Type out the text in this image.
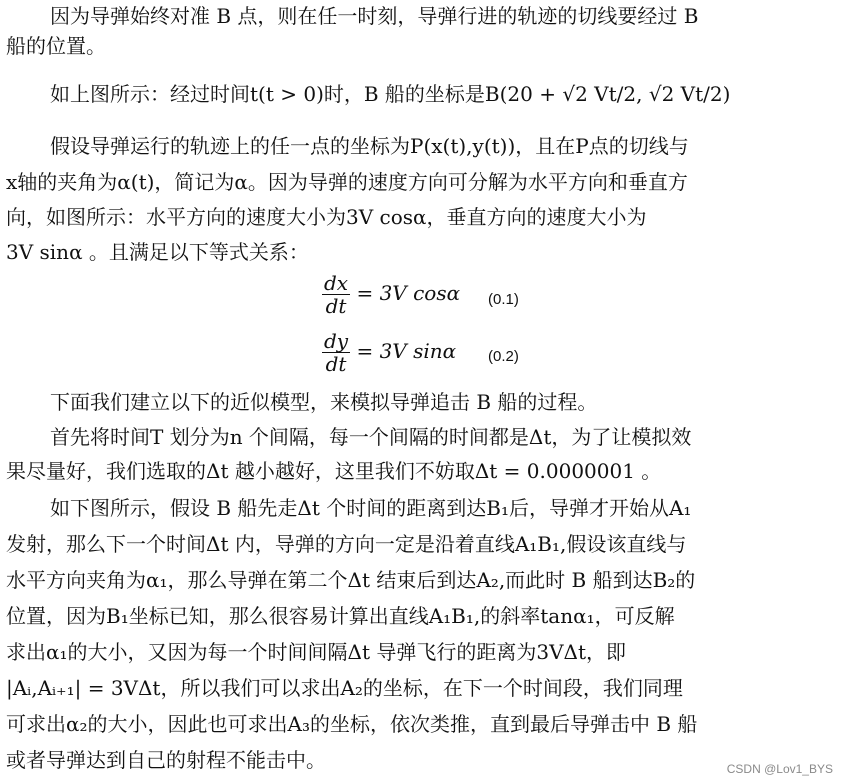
因为导弹始终对准 B 点，则在任一时刻，导弹行进的轨迹的切线要经过 B
船的位置。
如上图所示：经过时间t(t > 0)时，B 船的坐标是B(20 + √2 Vt/2, √2 Vt/2)
假设导弹运行的轨迹上的任一点的坐标为P(x(t),y(t))，且在P点的切线与
x轴的夹角为α(t)，简记为α。因为导弹的速度方向可分解为水平方向和垂直方
向，如图所示：水平方向的速度大小为3V cosα，垂直方向的速度大小为
3V sinα 。且满足以下等式关系：
$\frac{dx}{dt} = 3V$ cosα (0.1)
$\frac{dy}{dt} = 3V$ sinα (0.2)
下面我们建立以下的近似模型，来模拟导弹追击 B 船的过程。
首先将时间T 划分为n 个间隔，每一个间隔的时间都是Δt，为了让模拟效
果尽量好，我们选取的Δt 越小越好，这里我们不妨取Δt = 0.0000001 。
如下图所示，假设 B 船先走Δt 个时间的距离到达B₁后，导弹才开始从A₁
发射，那么下一个时间Δt 内，导弹的方向一定是沿着直线A₁B₁,假设该直线与
水平方向夹角为α₁，那么导弹在第二个Δt 结束后到达A₂,而此时 B 船到达B₂的
位置，因为B₁坐标已知，那么很容易计算出直线A₁B₁,的斜率tanα₁，可反解
求出α₁的大小，又因为每一个时间间隔Δt 导弹飞行的距离为3VΔt，即
|Aᵢ,Aᵢ₊₁| = 3VΔt，所以我们可以求出A₂的坐标，在下一个时间段，我们同理
可求出α₂的大小，因此也可求出A₃的坐标，依次类推，直到最后导弹击中 B 船
或者导弹达到自己的射程不能击中。	CSDN @Lov1_BYS
